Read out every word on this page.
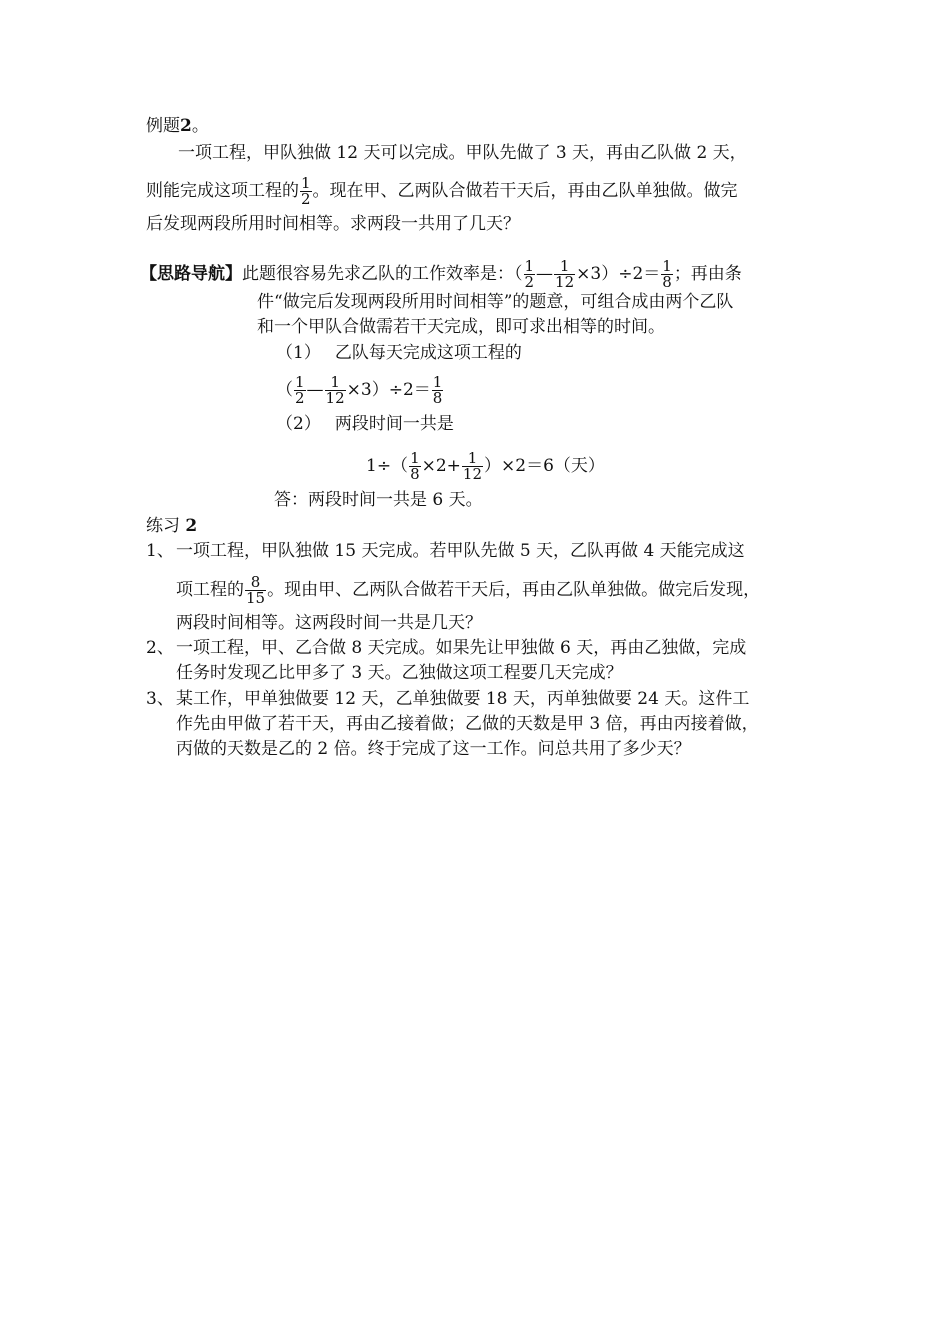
例题2。
一项工程，甲队独做 12 天可以完成。甲队先做了 3 天，再由乙队做 2 天，
则能完成这项工程的 $\frac{1}{2}$ 。现在甲、乙两队合做若干天后，再由乙队单独做。做完
后发现两段所用时间相等。求两段一共用了几天？
【思路导航】此题很容易先求乙队的工作效率是：（ $\frac{1}{2}$ — $\frac{1}{12} \times 3)\div 2= \frac{1}{8}$ ；再由条
件“做完后发现两段所用时间相等”的题意，可组合成由两个乙队
和一个甲队合做需若干天完成，即可求出相等的时间。
（1） 乙队每天完成这项工程的
（ $\frac{1}{2}$ — $\frac{1}{12} \times 3)\div 2= \frac{1}{8}$
（2） 两段时间一共是
$1\div( \frac{1}{8} \times 2+ \frac{1}{12} )\times 2=6$（天）
答：两段时间一共是 6 天。
练习 2
1、 一项工程，甲队独做 15 天完成。若甲队先做 5 天，乙队再做 4 天能完成这
项工程的 $\frac{8}{15}$ 。现由甲、乙两队合做若干天后，再由乙队单独做。做完后发现，
两段时间相等。这两段时间一共是几天？
2、 一项工程，甲、乙合做 8 天完成。如果先让甲独做 6 天，再由乙独做，完成
任务时发现乙比甲多了 3 天。乙独做这项工程要几天完成？
3、 某工作，甲单独做要 12 天，乙单独做要 18 天，丙单独做要 24 天。这件工
作先由甲做了若干天，再由乙接着做；乙做的天数是甲 3 倍，再由丙接着做，
丙做的天数是乙的 2 倍。终于完成了这一工作。问总共用了多少天？
